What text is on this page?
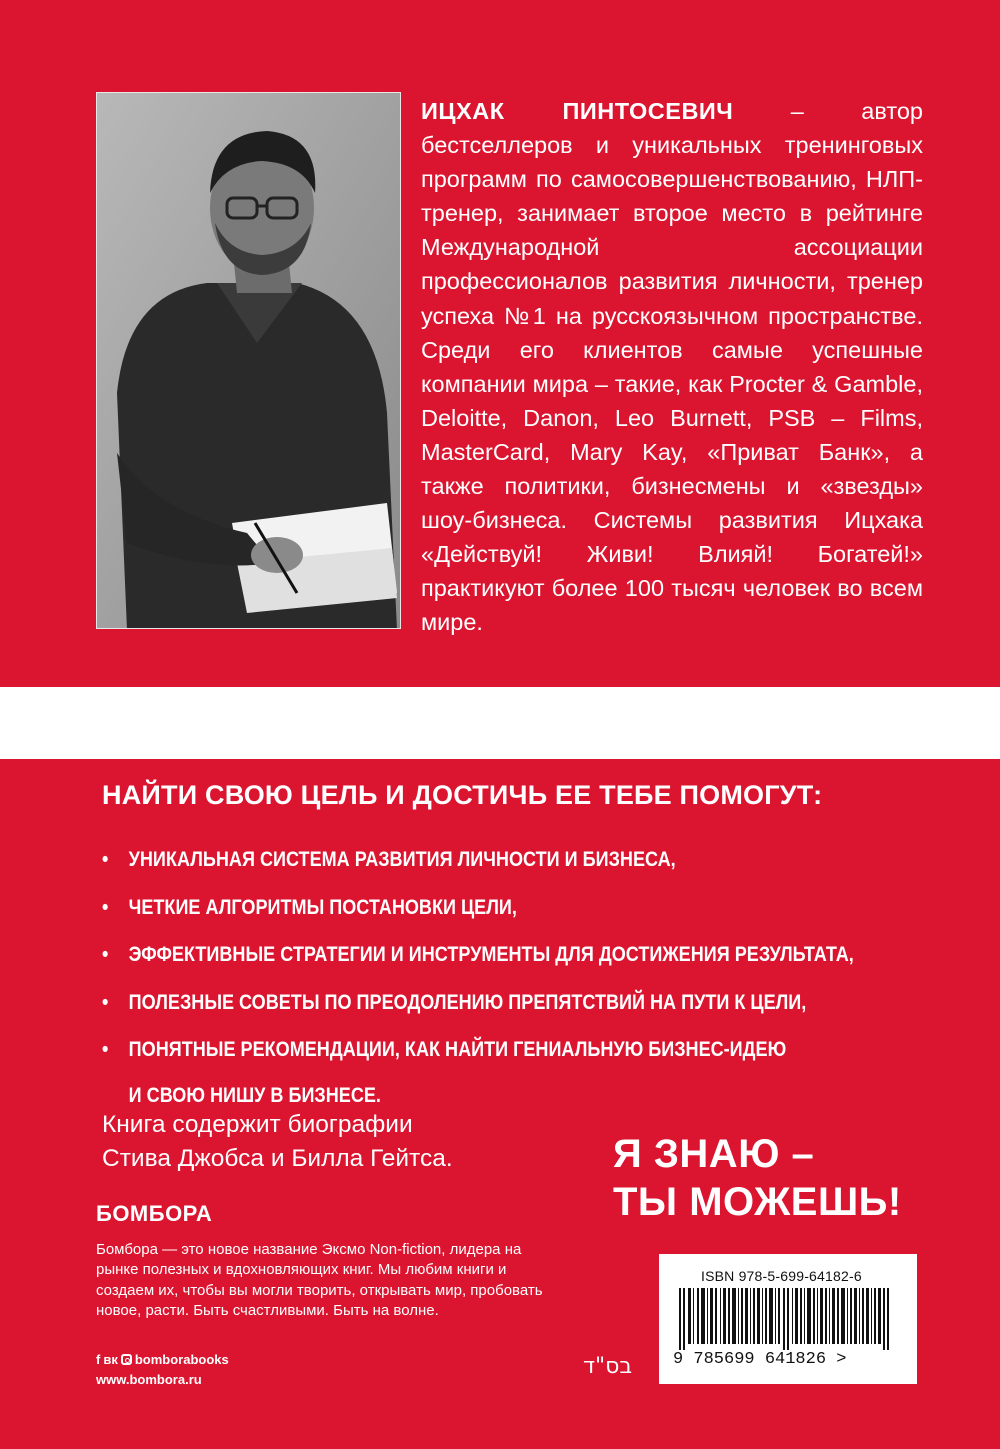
ИЦХАК ПИНТОСЕВИЧ – автор бестселлеров и уникальных тренинговых программ по самосовершенствованию, НЛП-тренер, занимает второе место в рейтинге Международной ассоциации профессионалов развития личности, тренер успеха №1 на русскоязычном пространстве. Среди его клиентов самые успешные компании мира – такие, как Procter & Gamble, Deloitte, Danon, Leo Burnett, PSB – Films, MasterCard, Mary Kay, «Приват Банк», а также политики, бизнесмены и «звезды» шоу-бизнеса. Системы развития Ицхака «Действуй! Живи! Влияй! Богатей!» практикуют более 100 тысяч человек во всем мире.
НАЙТИ СВОЮ ЦЕЛЬ И ДОСТИЧЬ ЕЕ ТЕБЕ ПОМОГУТ:
• УНИКАЛЬНАЯ СИСТЕМА РАЗВИТИЯ ЛИЧНОСТИ И БИЗНЕСА,
• ЧЕТКИЕ АЛГОРИТМЫ ПОСТАНОВКИ ЦЕЛИ,
• ЭФФЕКТИВНЫЕ СТРАТЕГИИ И ИНСТРУМЕНТЫ ДЛЯ ДОСТИЖЕНИЯ РЕЗУЛЬТАТА,
• ПОЛЕЗНЫЕ СОВЕТЫ ПО ПРЕОДОЛЕНИЮ ПРЕПЯТСТВИЙ НА ПУТИ К ЦЕЛИ,
• ПОНЯТНЫЕ РЕКОМЕНДАЦИИ, КАК НАЙТИ ГЕНИАЛЬНУЮ БИЗНЕС-ИДЕЮ
И СВОЮ НИШУ В БИЗНЕСЕ.
Книга содержит биографии
Стива Джобса и Билла Гейтса.	Я ЗНАЮ –
ТЫ МОЖЕШЬ!
БОМБОРА
Бомбора — это новое название Эксмо Non-fiction, лидера на рынке полезных и вдохновляющих книг. Мы любим книги и создаем их, чтобы вы могли творить, открывать мир, пробовать новое, расти. Быть счастливыми. Быть на волне.
f вк bomborabooks
www.bombora.ru
בס"ד
ISBN 978-5-699-64182-6
9 785699 641826 >
